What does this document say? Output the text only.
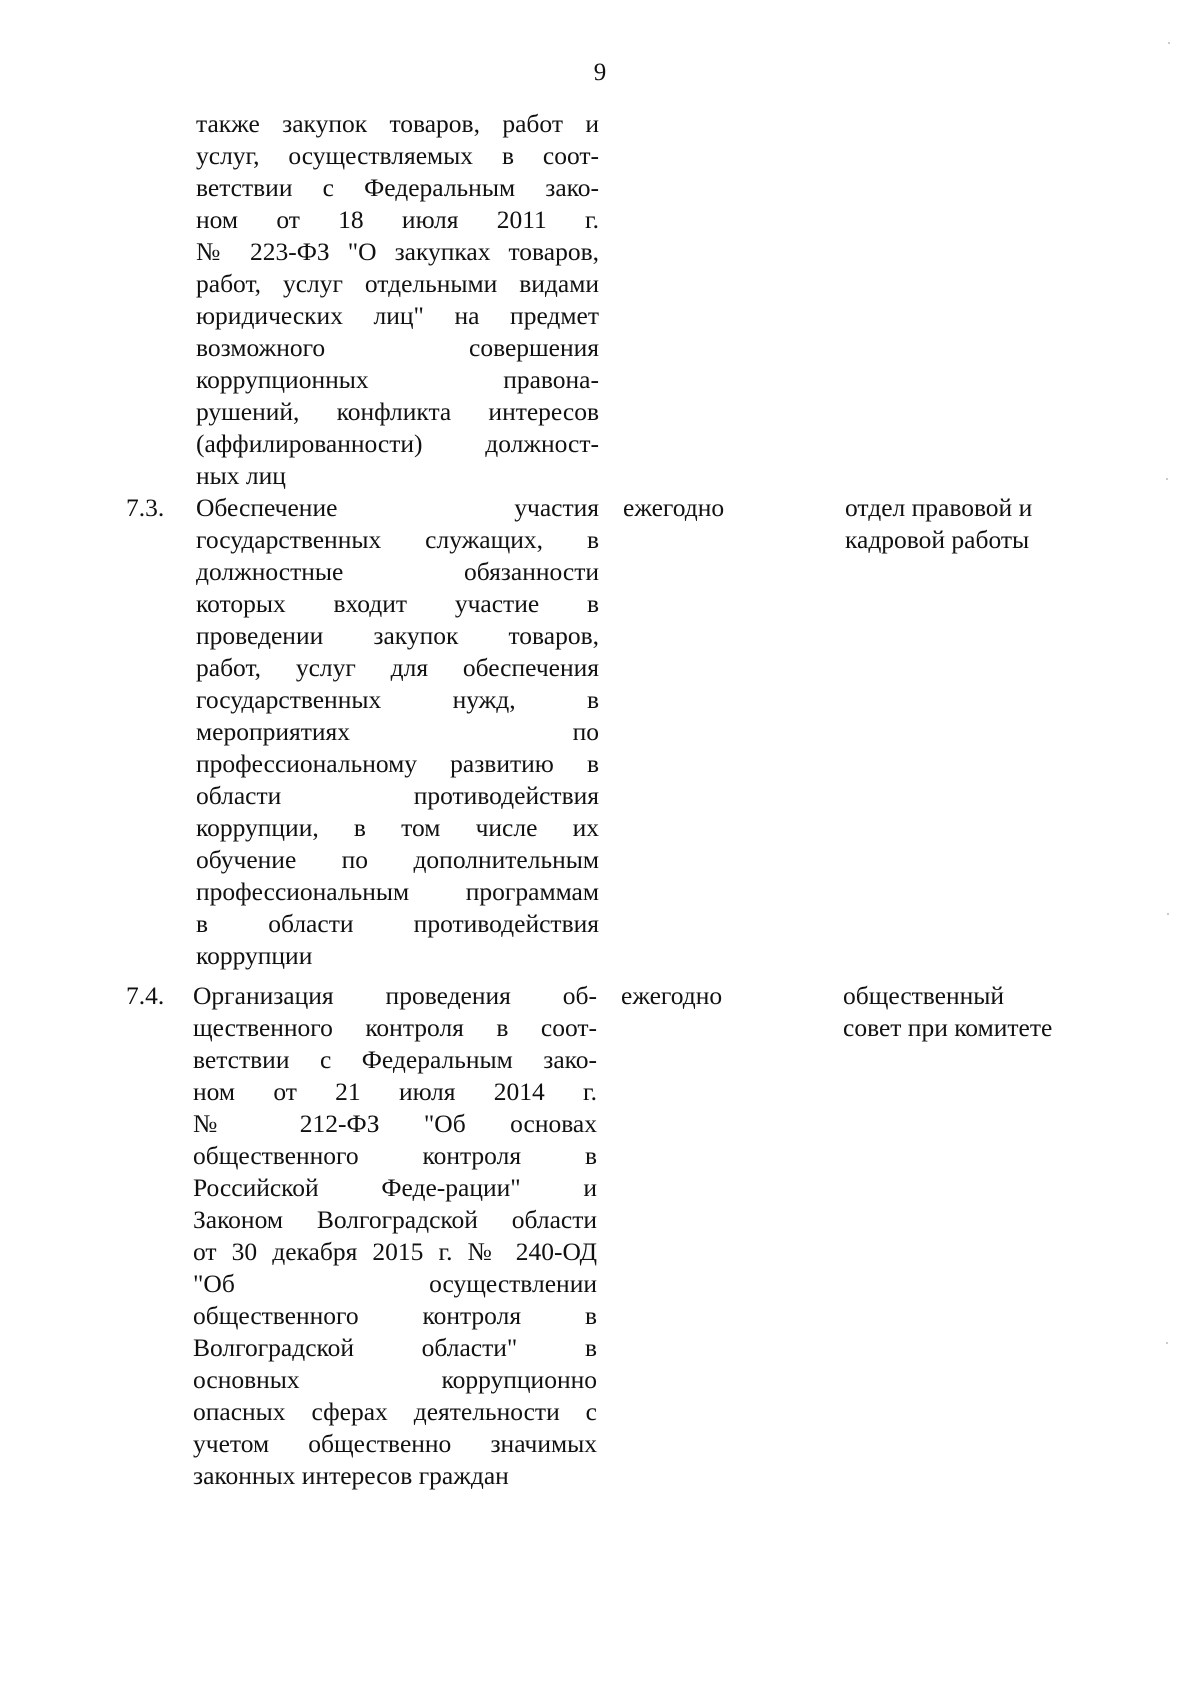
9
также закупок товаров, работ и
услуг, осуществляемых в соот-
ветствии с Федеральным зако-
ном от 18 июля 2011 г.
№ 223-ФЗ "О закупках товаров,
работ, услуг отдельными видами
юридических лиц" на предмет
возможного совершения
коррупционных правона-
рушений, конфликта интересов
(аффилированности) должност-
ных лиц
7.3. Обеспечение участия
государственных служащих, в
должностные обязанности
которых входит участие в
проведении закупок товаров,
работ, услуг для обеспечения
государственных нужд, в
мероприятиях по
профессиональному развитию в
области противодействия
коррупции, в том числе их
обучение по дополнительным
профессиональным программам
в области противодействия
коррупции
ежегодно	отдел правовой и
кадровой работы
7.4. Организация проведения об-
щественного контроля в соот-
ветствии с Федеральным зако-
ном от 21 июля 2014 г.
№ 212-ФЗ "Об основах
общественного контроля в
Российской Феде-рации" и
Законом Волгоградской области
от 30 декабря 2015 г. № 240-ОД
"Об осуществлении
общественного контроля в
Волгоградской области" в
основных коррупционно
опасных сферах деятельности с
учетом общественно значимых
законных интересов граждан
ежегодно	общественный
совет при комитете
